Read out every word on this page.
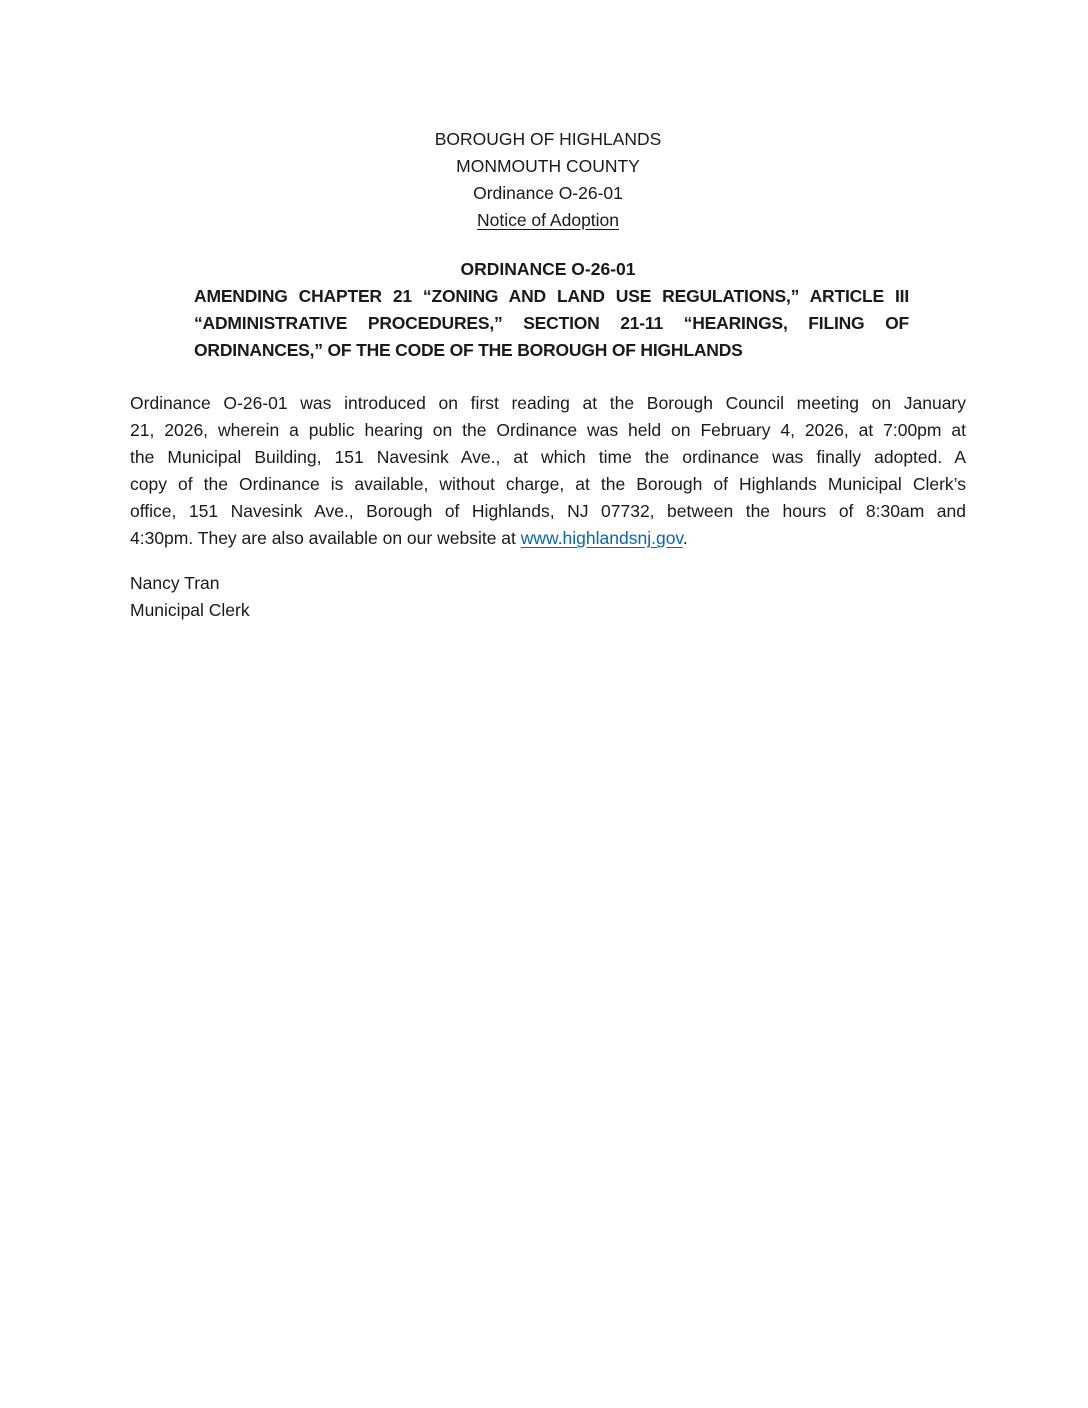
BOROUGH OF HIGHLANDS
MONMOUTH COUNTY
Ordinance O-26-01
Notice of Adoption
ORDINANCE O-26-01
AMENDING CHAPTER 21 “ZONING AND LAND USE REGULATIONS,” ARTICLE III
“ADMINISTRATIVE PROCEDURES,” SECTION 21-11 “HEARINGS, FILING OF
ORDINANCES,” OF THE CODE OF THE BOROUGH OF HIGHLANDS
Ordinance O-26-01 was introduced on first reading at the Borough Council meeting on January
21, 2026, wherein a public hearing on the Ordinance was held on February 4, 2026, at 7:00pm at
the Municipal Building, 151 Navesink Ave., at which time the ordinance was finally adopted. A
copy of the Ordinance is available, without charge, at the Borough of Highlands Municipal Clerk’s
office, 151 Navesink Ave., Borough of Highlands, NJ 07732, between the hours of 8:30am and
4:30pm. They are also available on our website at www.highlandsnj.gov.
Nancy Tran
Municipal Clerk
